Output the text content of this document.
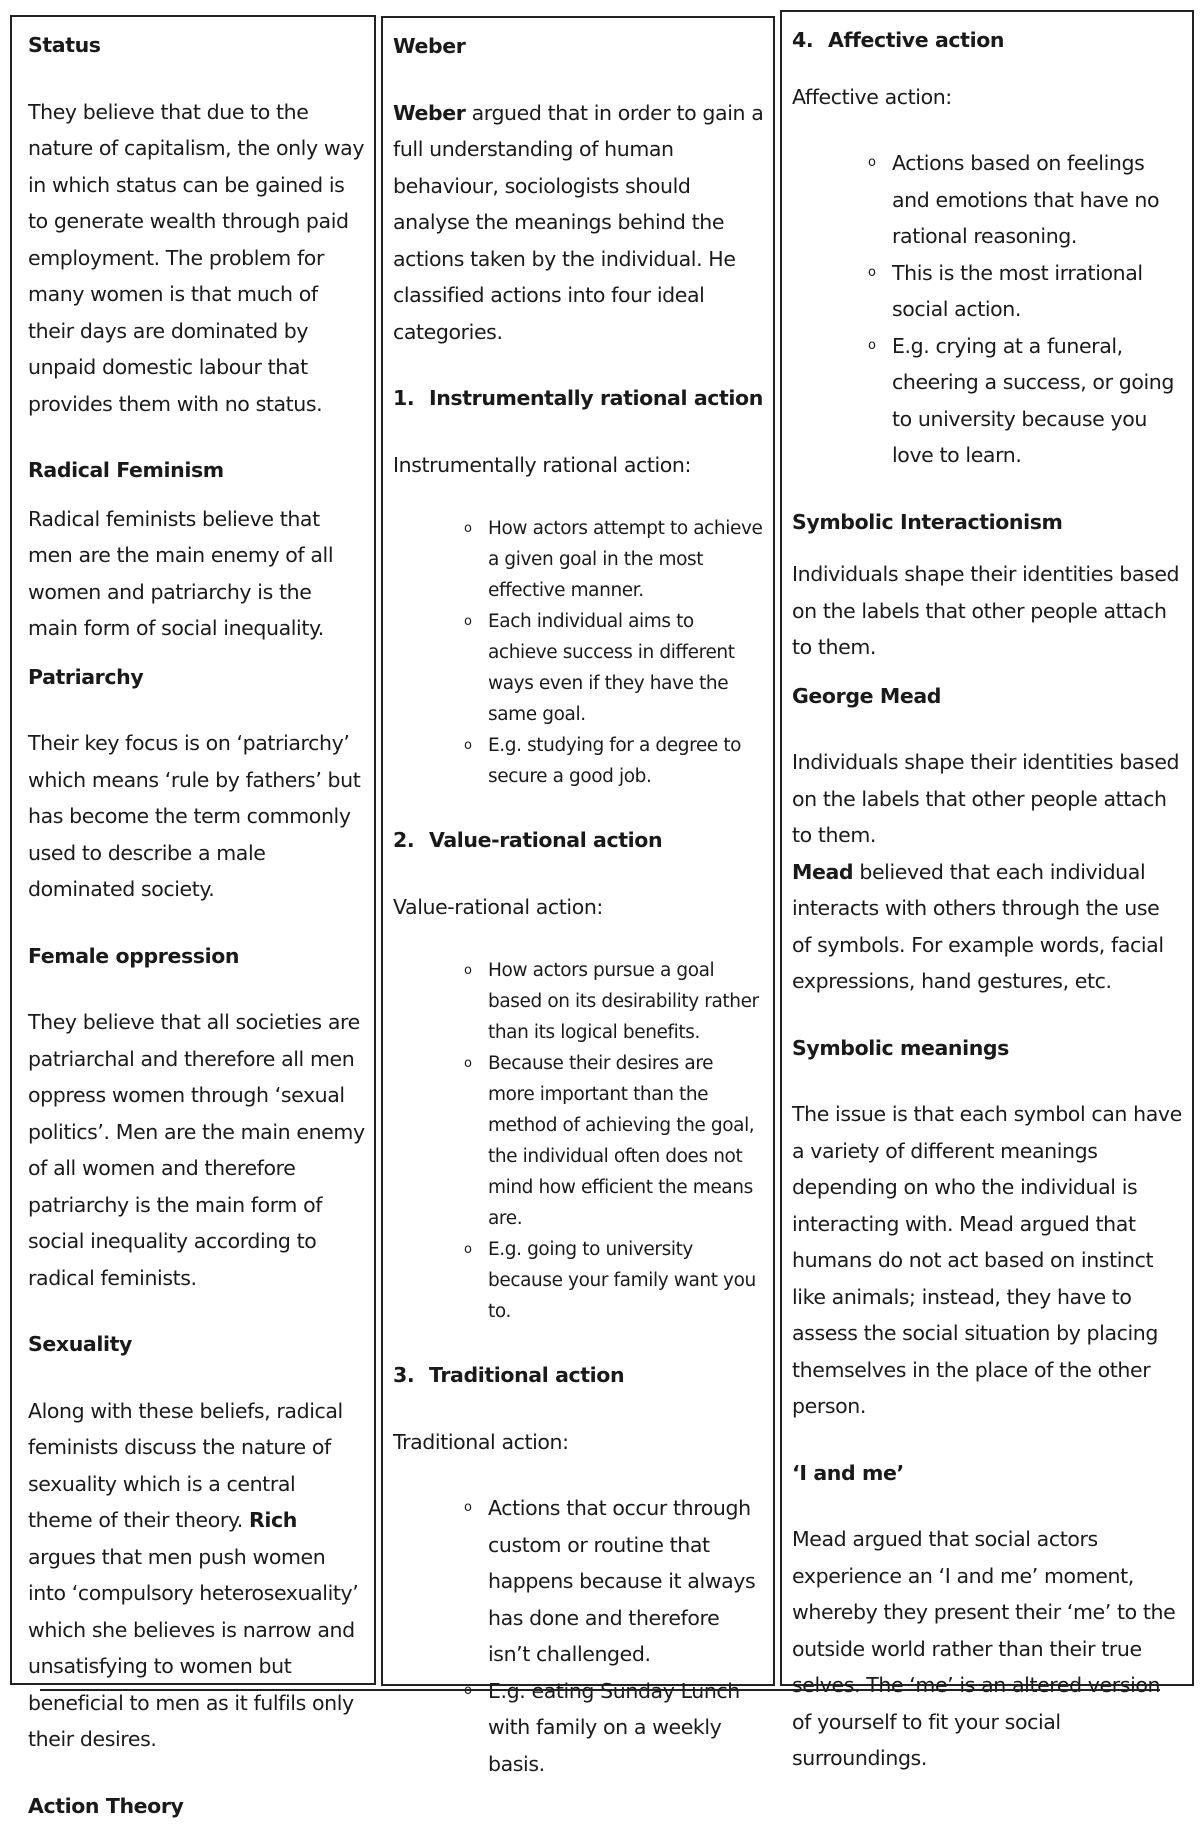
Status

They believe that due to the nature of capitalism, the only way in which status can be gained is to generate wealth through paid employment. The problem for many women is that much of their days are dominated by unpaid domestic labour that provides them with no status.

Radical Feminism

Radical feminists believe that men are the main enemy of all women and patriarchy is the main form of social inequality.

Patriarchy

Their key focus is on ‘patriarchy’ which means ‘rule by fathers’ but has become the term commonly used to describe a male dominated society.

Female oppression

They believe that all societies are patriarchal and therefore all men oppress women through ‘sexual politics’. Men are the main enemy of all women and therefore patriarchy is the main form of social inequality according to radical feminists.

Sexuality

Along with these beliefs, radical feminists discuss the nature of sexuality which is a central theme of their theory. Rich argues that men push women into ‘compulsory heterosexuality’ which she believes is narrow and unsatisfying to women but beneficial to men as it fulfils only their desires.

Action Theory

Weber

Weber argued that in order to gain a full understanding of human behaviour, sociologists should analyse the meanings behind the actions taken by the individual. He classified actions into four ideal categories.

1. Instrumentally rational action

Instrumentally rational action:

o How actors attempt to achieve a given goal in the most effective manner.
o Each individual aims to achieve success in different ways even if they have the same goal.
o E.g. studying for a degree to secure a good job.

2. Value-rational action

Value-rational action:

o How actors pursue a goal based on its desirability rather than its logical benefits.
o Because their desires are more important than the method of achieving the goal, the individual often does not mind how efficient the means are.
o E.g. going to university because your family want you to.

3. Traditional action

Traditional action:

o Actions that occur through custom or routine that happens because it always has done and therefore isn’t challenged.
o E.g. eating Sunday Lunch with family on a weekly basis.

4. Affective action

Affective action:

o Actions based on feelings and emotions that have no rational reasoning.
o This is the most irrational social action.
o E.g. crying at a funeral, cheering a success, or going to university because you love to learn.

Symbolic Interactionism

Individuals shape their identities based on the labels that other people attach to them.

George Mead

Individuals shape their identities based on the labels that other people attach to them.

Mead believed that each individual interacts with others through the use of symbols. For example words, facial expressions, hand gestures, etc.

Symbolic meanings

The issue is that each symbol can have a variety of different meanings depending on who the individual is interacting with. Mead argued that humans do not act based on instinct like animals; instead, they have to assess the social situation by placing themselves in the place of the other person.

‘I and me’

Mead argued that social actors experience an ‘I and me’ moment, whereby they present their ‘me’ to the outside world rather than their true selves. The ‘me’ is an altered version of yourself to fit your social surroundings.
